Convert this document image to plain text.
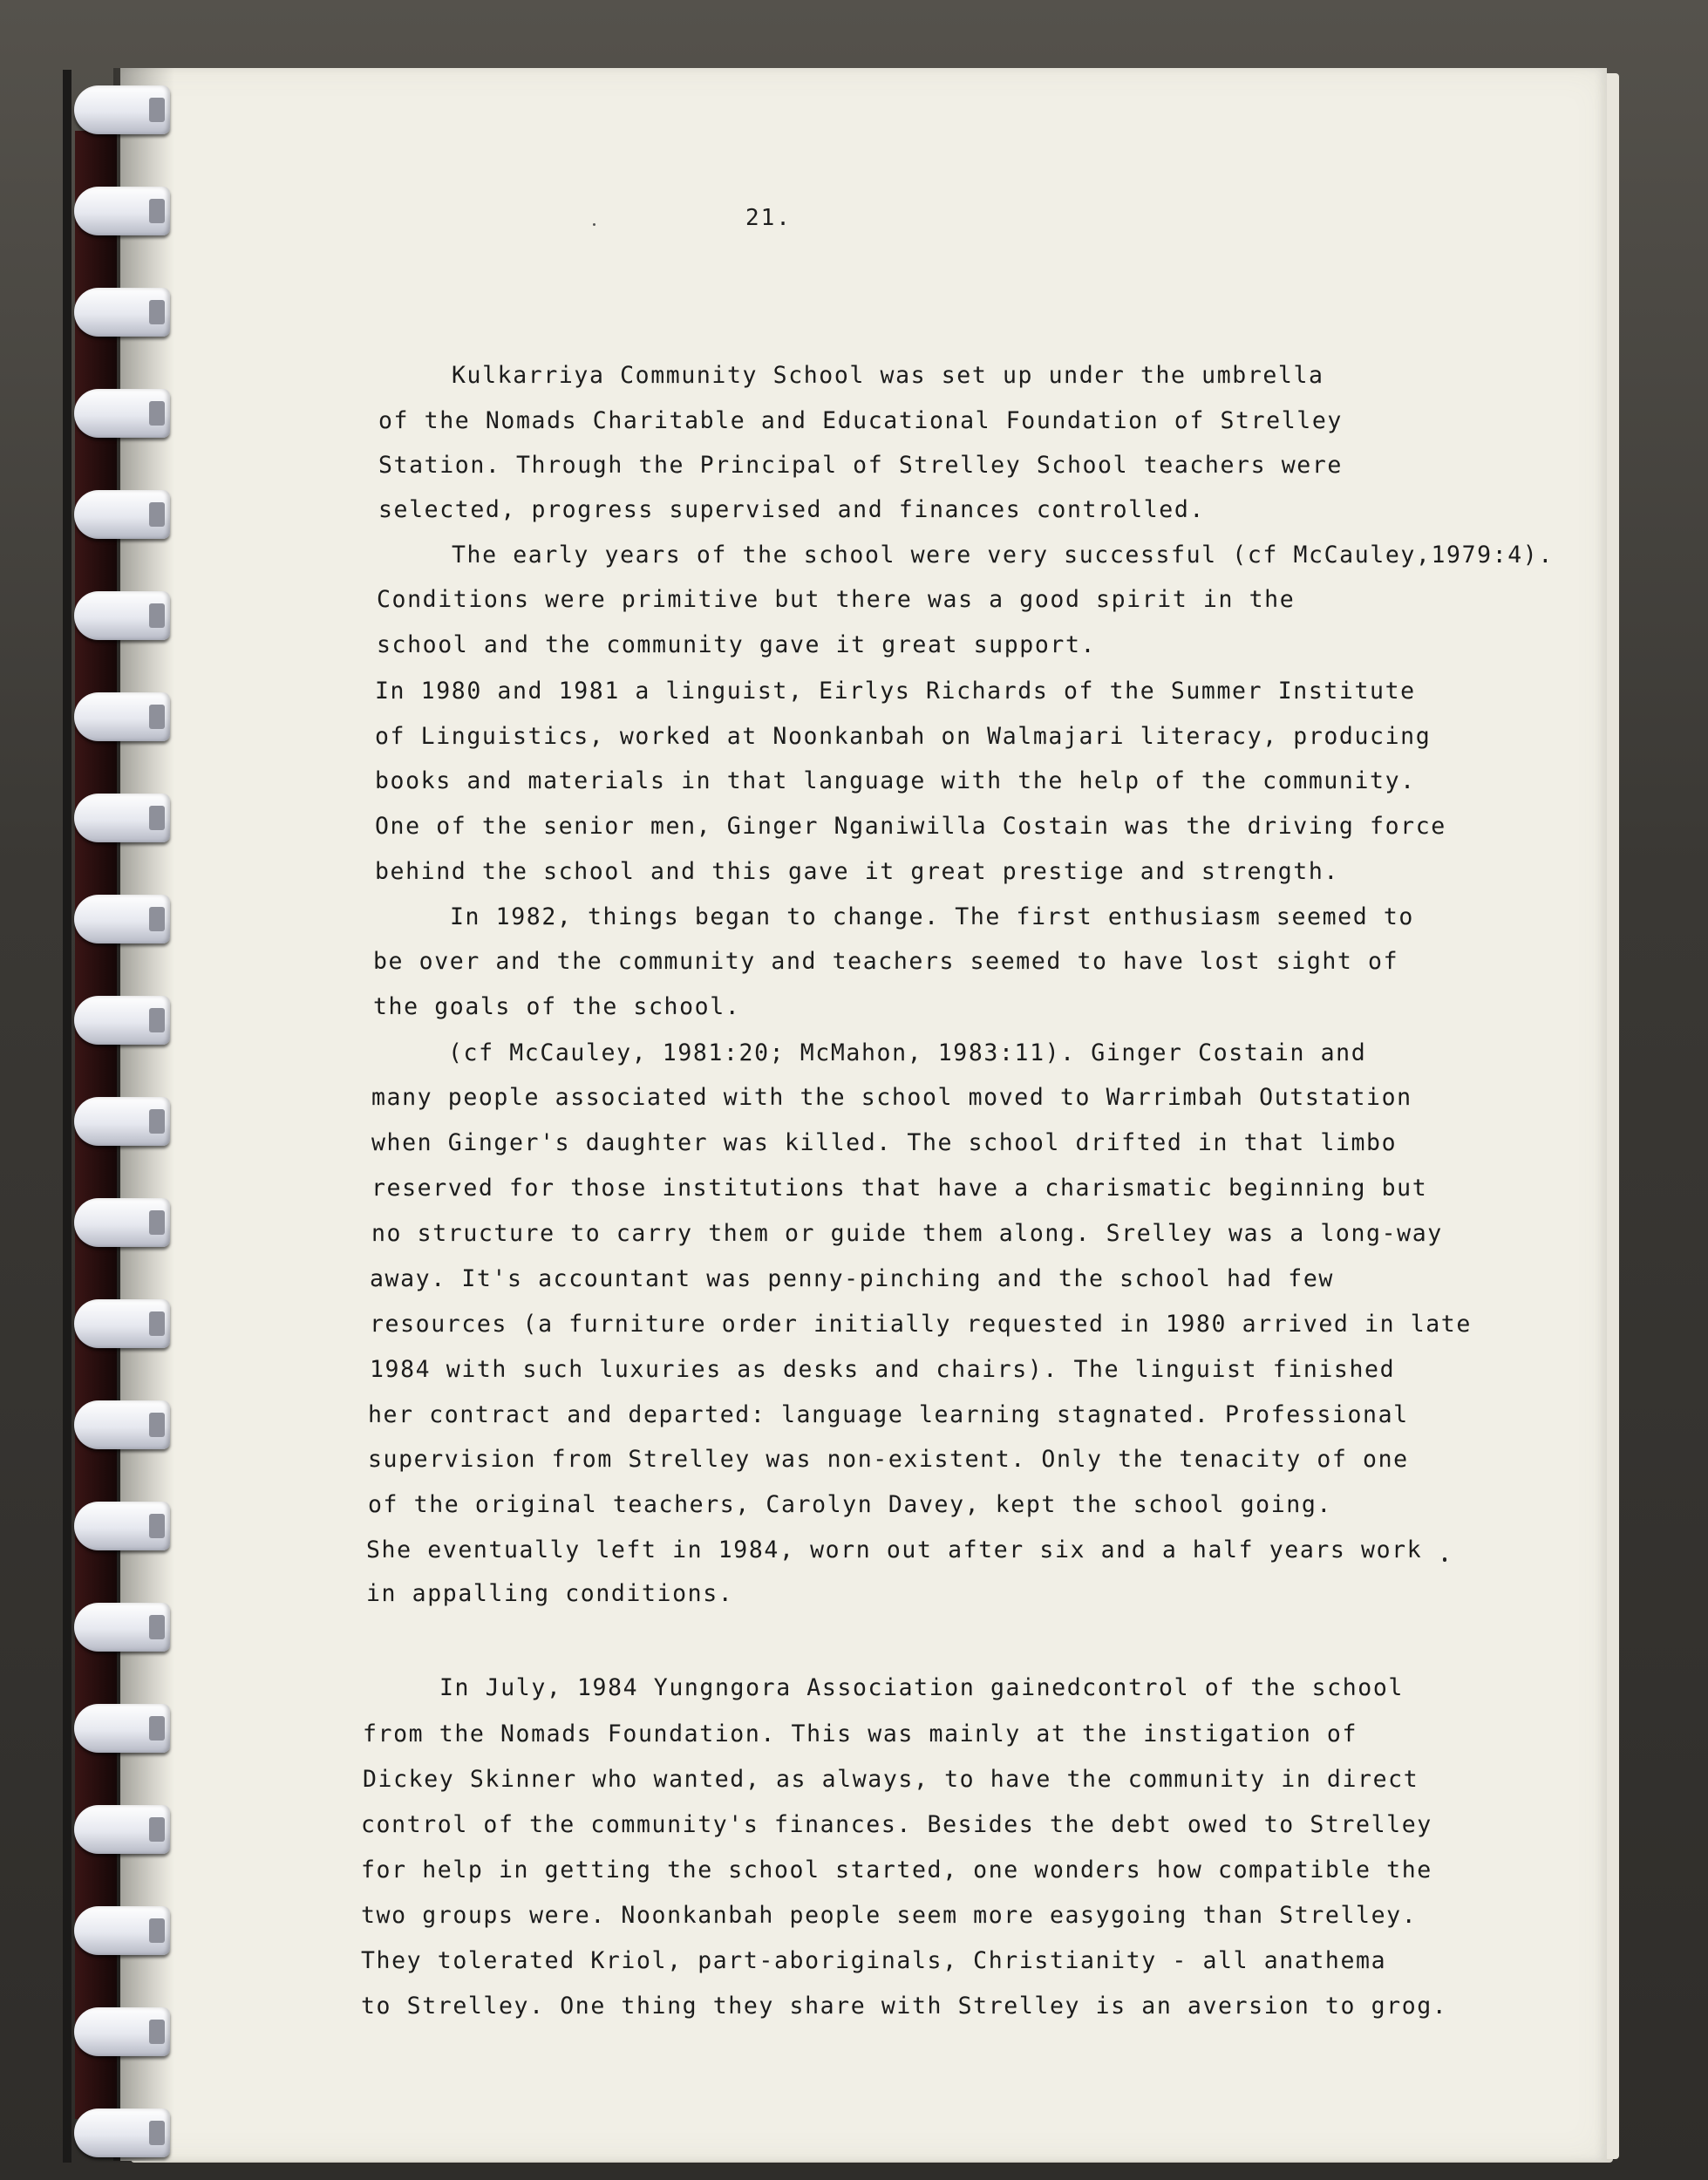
21.
Kulkarriya Community School was set up under the umbrella
of the Nomads Charitable and Educational Foundation of Strelley
Station. Through the Principal of Strelley School teachers were
selected, progress supervised and finances controlled.
The early years of the school were very successful (cf McCauley,1979:4).
Conditions were primitive but there was a good spirit in the
school and the community gave it great support.
In 1980 and 1981 a linguist, Eirlys Richards of the Summer Institute
of Linguistics, worked at Noonkanbah on Walmajari literacy, producing
books and materials in that language with the help of the community.
One of the senior men, Ginger Nganiwilla Costain was the driving force
behind the school and this gave it great prestige and strength.
In 1982, things began to change. The first enthusiasm seemed to
be over and the community and teachers seemed to have lost sight of
the goals of the school.
(cf McCauley, 1981:20; McMahon, 1983:11). Ginger Costain and
many people associated with the school moved to Warrimbah Outstation
when Ginger's daughter was killed. The school drifted in that limbo
reserved for those institutions that have a charismatic beginning but
no structure to carry them or guide them along. Srelley was a long-way
away. It's accountant was penny-pinching and the school had few
resources (a furniture order initially requested in 1980 arrived in late
1984 with such luxuries as desks and chairs). The linguist finished
her contract and departed: language learning stagnated. Professional
supervision from Strelley was non-existent. Only the tenacity of one
of the original teachers, Carolyn Davey, kept the school going.
She eventually left in 1984, worn out after six and a half years work
in appalling conditions.
In July, 1984 Yungngora Association gainedcontrol of the school
from the Nomads Foundation. This was mainly at the instigation of
Dickey Skinner who wanted, as always, to have the community in direct
control of the community's finances. Besides the debt owed to Strelley
for help in getting the school started, one wonders how compatible the
two groups were. Noonkanbah people seem more easygoing than Strelley.
They tolerated Kriol, part-aboriginals, Christianity - all anathema
to Strelley. One thing they share with Strelley is an aversion to grog.
